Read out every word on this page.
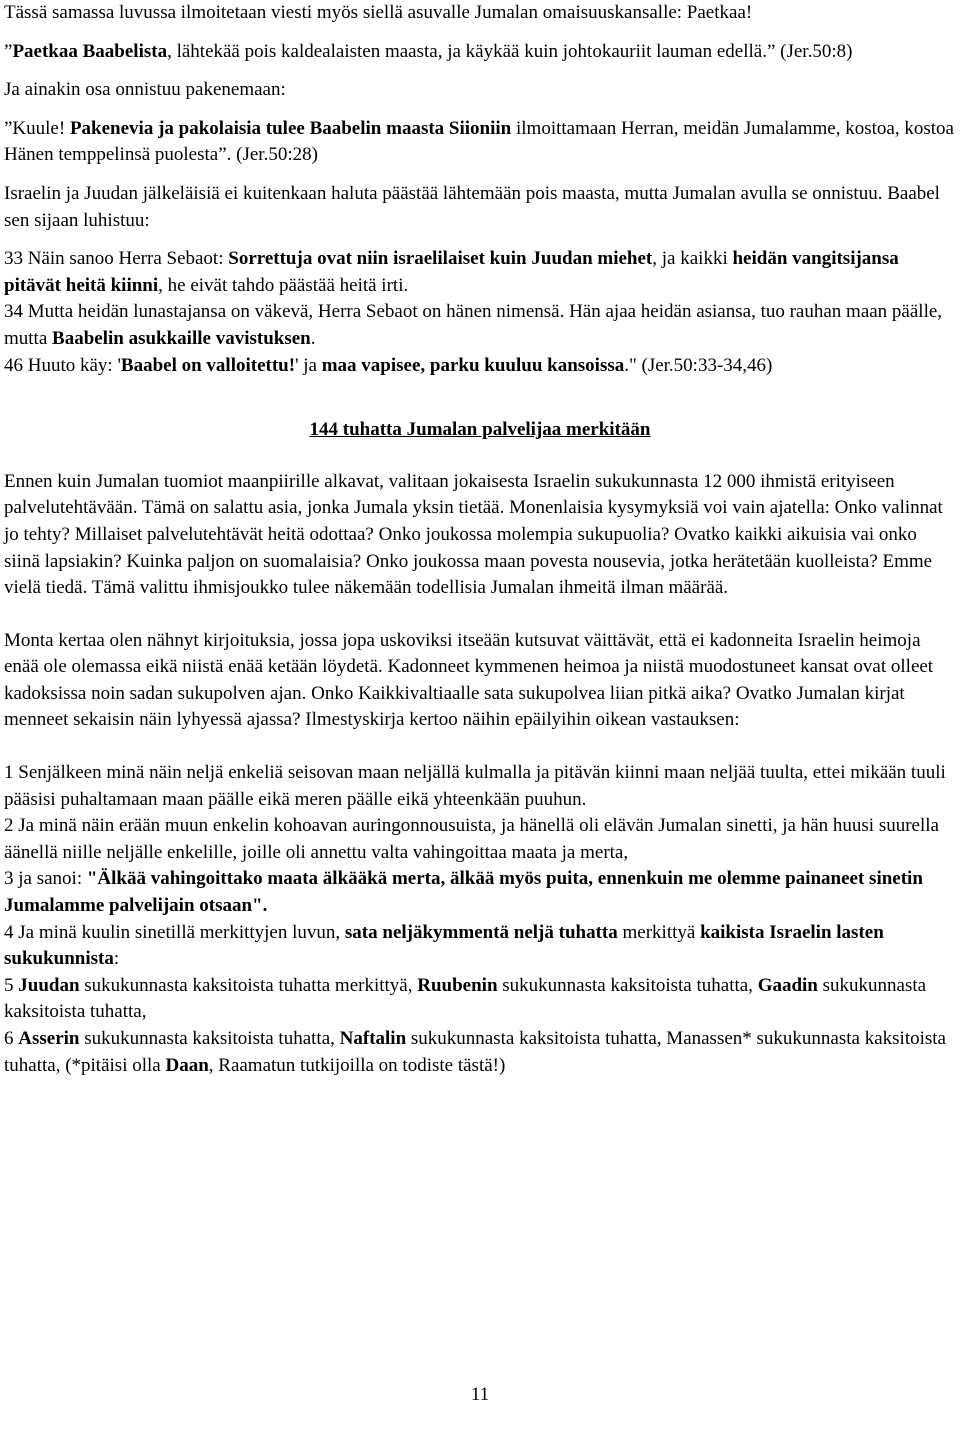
Tässä samassa luvussa ilmoitetaan viesti myös siellä asuvalle Jumalan omaisuuskansalle: Paetkaa!

”Paetkaa Baabelista, lähtekää pois kaldealaisten maasta, ja käykää kuin johtokauriit lauman edellä.” (Jer.50:8)

Ja ainakin osa onnistuu pakenemaan:

”Kuule! Pakenevia ja pakolaisia tulee Baabelin maasta Siioniin ilmoittamaan Herran, meidän Jumalamme, kostoa, kostoa Hänen temppelinsä puolesta”. (Jer.50:28)

Israelin ja Juudan jälkeläisiä ei kuitenkaan haluta päästää lähtemään pois maasta, mutta Jumalan avulla se onnistuu. Baabel sen sijaan luhistuu:

33 Näin sanoo Herra Sebaot: Sorrettuja ovat niin israelilaiset kuin Juudan miehet, ja kaikki heidän vangitsijansa pitävät heitä kiinni, he eivät tahdo päästää heitä irti.

34 Mutta heidän lunastajansa on väkevä, Herra Sebaot on hänen nimensä. Hän ajaa heidän asiansa, tuo rauhan maan päälle, mutta Baabelin asukkaille vavistuksen.

46 Huuto käy: 'Baabel on valloitettu!' ja maa vapisee, parku kuuluu kansoissa." (Jer.50:33-34,46)

144 tuhatta Jumalan palvelijaa merkitään

Ennen kuin Jumalan tuomiot maanpiirille alkavat, valitaan jokaisesta Israelin sukukunnasta 12 000 ihmistä erityiseen palvelutehtävään. Tämä on salattu asia, jonka Jumala yksin tietää. Monenlaisia kysymyksiä voi vain ajatella: Onko valinnat jo tehty? Millaiset palvelutehtävät heitä odottaa? Onko joukossa molempia sukupuolia? Ovatko kaikki aikuisia vai onko siinä lapsiakin? Kuinka paljon on suomalaisia? Onko joukossa maan povesta nousevia, jotka herätetään kuolleista? Emme vielä tiedä. Tämä valittu ihmisjoukko tulee näkemään todellisia Jumalan ihmeitä ilman määrää.

Monta kertaa olen nähnyt kirjoituksia, jossa jopa uskoviksi itseään kutsuvat väittävät, että ei kadonneita Israelin heimoja enää ole olemassa eikä niistä enää ketään löydetä. Kadonneet kymmenen heimoa ja niistä muodostuneet kansat ovat olleet kadoksissa noin sadan sukupolven ajan. Onko Kaikkivaltiaalle sata sukupolvea liian pitkä aika? Ovatko Jumalan kirjat menneet sekaisin näin lyhyessä ajassa? Ilmestyskirja kertoo näihin epäilyihin oikean vastauksen:

1 Senjälkeen minä näin neljä enkeliä seisovan maan neljällä kulmalla ja pitävän kiinni maan neljää tuulta, ettei mikään tuuli pääsisi puhaltamaan maan päälle eikä meren päälle eikä yhteenkään puuhun.

2 Ja minä näin erään muun enkelin kohoavan auringonnousuista, ja hänellä oli elävän Jumalan sinetti, ja hän huusi suurella äänellä niille neljälle enkelille, joille oli annettu valta vahingoittaa maata ja merta,

3 ja sanoi: "Älkää vahingoittako maata älkääkä merta, älkää myös puita, ennenkuin me olemme painaneet sinetin Jumalamme palvelijain otsaan".

4 Ja minä kuulin sinetillä merkittyjen luvun, sata neljäkymmentä neljä tuhatta merkittyä kaikista Israelin lasten sukukunnista:

5 Juudan sukukunnasta kaksitoista tuhatta merkittyä, Ruubenin sukukunnasta kaksitoista tuhatta, Gaadin sukukunnasta kaksitoista tuhatta,

6 Asserin sukukunnasta kaksitoista tuhatta, Naftalin sukukunnasta kaksitoista tuhatta, Manassen* sukukunnasta kaksitoista tuhatta, (*pitäisi olla Daan, Raamatun tutkijoilla on todiste tästä!)

11
